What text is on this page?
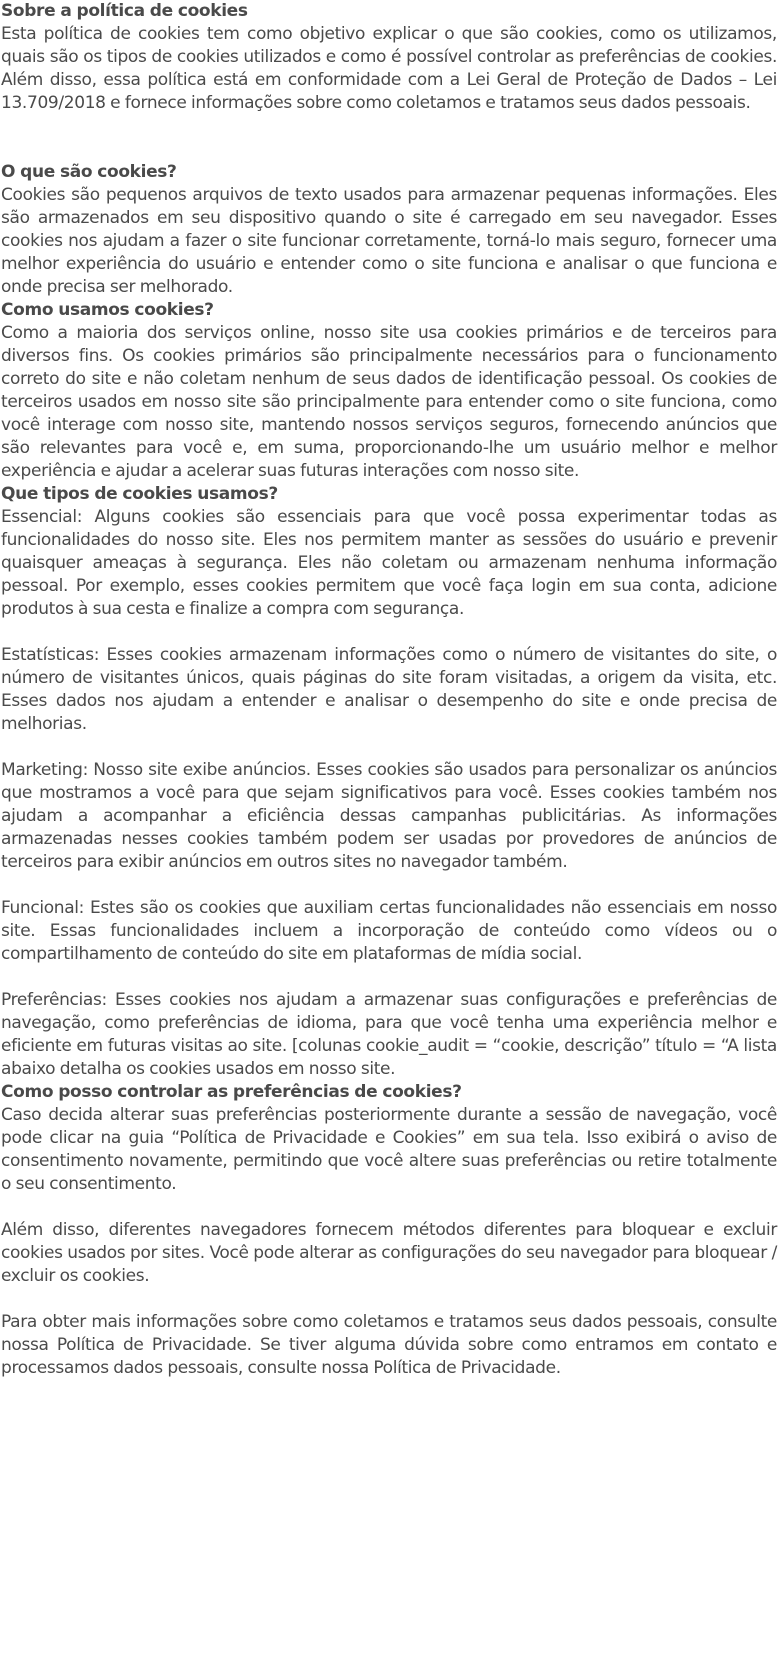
Sobre a política de cookies

Esta política de cookies tem como objetivo explicar o que são cookies, como os utilizamos, quais são os tipos de cookies utilizados e como é possível controlar as preferências de cookies. Além disso, essa política está em conformidade com a Lei Geral de Proteção de Dados – Lei 13.709/2018 e fornece informações sobre como coletamos e tratamos seus dados pessoais.

O que são cookies?

Cookies são pequenos arquivos de texto usados para armazenar pequenas informações. Eles são armazenados em seu dispositivo quando o site é carregado em seu navegador. Esses cookies nos ajudam a fazer o site funcionar corretamente, torná-lo mais seguro, fornecer uma melhor experiência do usuário e entender como o site funciona e analisar o que funciona e onde precisa ser melhorado.

Como usamos cookies?

Como a maioria dos serviços online, nosso site usa cookies primários e de terceiros para diversos fins. Os cookies primários são principalmente necessários para o funcionamento correto do site e não coletam nenhum de seus dados de identificação pessoal. Os cookies de terceiros usados em nosso site são principalmente para entender como o site funciona, como você interage com nosso site, mantendo nossos serviços seguros, fornecendo anúncios que são relevantes para você e, em suma, proporcionando-lhe um usuário melhor e melhor experiência e ajudar a acelerar suas futuras interações com nosso site.

Que tipos de cookies usamos?

Essencial: Alguns cookies são essenciais para que você possa experimentar todas as funcionalidades do nosso site. Eles nos permitem manter as sessões do usuário e prevenir quaisquer ameaças à segurança. Eles não coletam ou armazenam nenhuma informação pessoal. Por exemplo, esses cookies permitem que você faça login em sua conta, adicione produtos à sua cesta e finalize a compra com segurança.

Estatísticas: Esses cookies armazenam informações como o número de visitantes do site, o número de visitantes únicos, quais páginas do site foram visitadas, a origem da visita, etc. Esses dados nos ajudam a entender e analisar o desempenho do site e onde precisa de melhorias.

Marketing: Nosso site exibe anúncios. Esses cookies são usados para personalizar os anúncios que mostramos a você para que sejam significativos para você. Esses cookies também nos ajudam a acompanhar a eficiência dessas campanhas publicitárias. As informações armazenadas nesses cookies também podem ser usadas por provedores de anúncios de terceiros para exibir anúncios em outros sites no navegador também.

Funcional: Estes são os cookies que auxiliam certas funcionalidades não essenciais em nosso site. Essas funcionalidades incluem a incorporação de conteúdo como vídeos ou o compartilhamento de conteúdo do site em plataformas de mídia social.

Preferências: Esses cookies nos ajudam a armazenar suas configurações e preferências de navegação, como preferências de idioma, para que você tenha uma experiência melhor e eficiente em futuras visitas ao site. [colunas cookie_audit = “cookie, descrição” título = “A lista abaixo detalha os cookies usados em nosso site.

Como posso controlar as preferências de cookies?

Caso decida alterar suas preferências posteriormente durante a sessão de navegação, você pode clicar na guia “Política de Privacidade e Cookies” em sua tela. Isso exibirá o aviso de consentimento novamente, permitindo que você altere suas preferências ou retire totalmente o seu consentimento.

Além disso, diferentes navegadores fornecem métodos diferentes para bloquear e excluir cookies usados por sites. Você pode alterar as configurações do seu navegador para bloquear / excluir os cookies.

Para obter mais informações sobre como coletamos e tratamos seus dados pessoais, consulte nossa Política de Privacidade. Se tiver alguma dúvida sobre como entramos em contato e processamos dados pessoais, consulte nossa Política de Privacidade.
